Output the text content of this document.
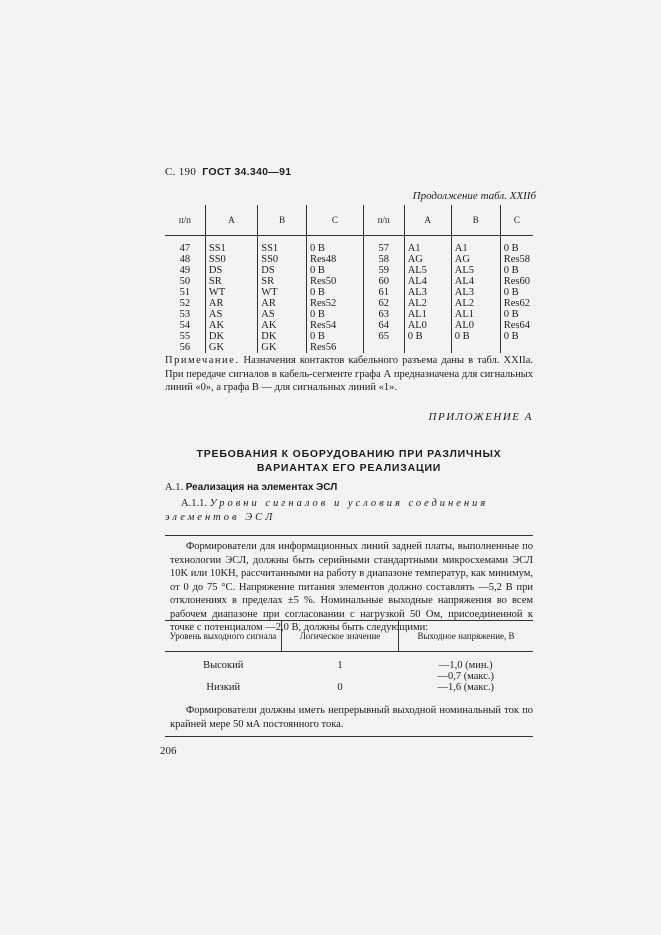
С. 190 ГОСТ 34.340—91
Продолжение табл. XXIIб
п/п	А	В	С	п/п	А	В	С
47	SS1	SS1	0 В	57	A1	A1	0 В
48	SS0	SS0	Res48	58	AG	AG	Res58
49	DS	DS	0 В	59	AL5	AL5	0 В
50	SR	SR	Res50	60	AL4	AL4	Res60
51	WT	WT	0 В	61	AL3	AL3	0 В
52	AR	AR	Res52	62	AL2	AL2	Res62
53	AS	AS	0 В	63	AL1	AL1	0 В
54	AK	AK	Res54	64	AL0	AL0	Res64
55	DK	DK	0 В	65	0 В	0 В	0 В
56	GK	GK	Res56				
Примечание. Назначения контактов кабельного разъема даны в табл. XXIIа. При передаче сигналов в кабель-сегменте графа А предназначена для сигнальных линий «0», а графа В — для сигнальных линий «1».
ПРИЛОЖЕНИЕ А
ТРЕБОВАНИЯ К ОБОРУДОВАНИЮ ПРИ РАЗЛИЧНЫХ
ВАРИАНТАХ ЕГО РЕАЛИЗАЦИИ
А.1. Реализация на элементах ЭСЛ
А.1.1. Уровни сигналов и условия соединения элементов ЭСЛ
Формирователи для информационных линий задней платы, выполненные по технологии ЭСЛ, должны быть серийными стандартными микросхемами ЭСЛ 10K или 10KH, рассчитанными на работу в диапазоне температур, как минимум, от 0 до 75 °С. Напряжение питания элементов должно составлять —5,2 В при отклонениях в пределах ±5 %. Номинальные выходные напряжения во всем рабочем диапазоне при согласовании с нагрузкой 50 Ом, присоединенной к точке с потенциалом —2,0 В, должны быть следующими:
Уровень выходного сигнала	Логическое значение	Выходное напряжение, В
Высокий	1	—1,0 (мин.)
—0,7 (макс.)

Низкий	0	—1,6 (макс.)
Формирователи должны иметь непрерывный выходной номинальный ток по крайней мере 50 мА постоянного тока.
206
